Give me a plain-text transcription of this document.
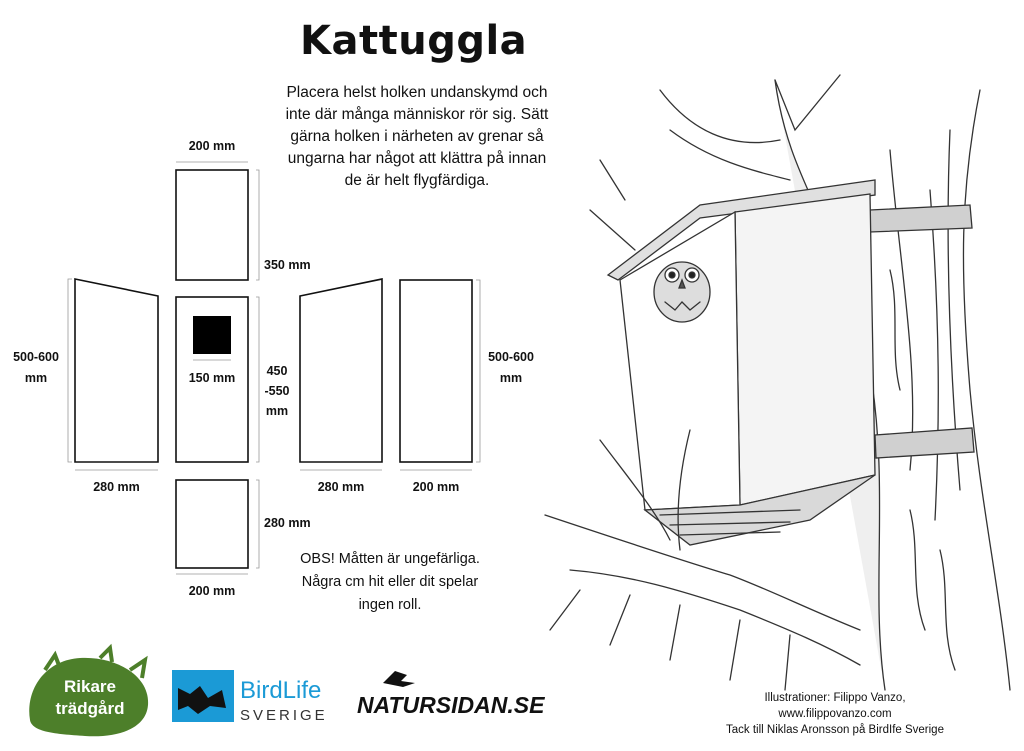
Kattuggla
Placera helst holken undanskymd och inte där många människor rör sig. Sätt gärna holken i närheten av grenar så ungarna har något att klättra på innan de är helt flygfärdiga.
200 mm
350 mm
500-600
mm	450
-550
mm
150 mm
500-600
mm
280 mm	280 mm	200 mm
280 mm
200 mm
OBS! Måtten är ungefärliga. Några cm hit eller dit spelar ingen roll.
Rikare
trädgård
BirdLife
SVERIGE NATURSIDAN.SE	Illustrationer: Filippo Vanzo,
www.filippovanzo.com
Tack till Niklas Aronsson på BirdIfe Sverige
